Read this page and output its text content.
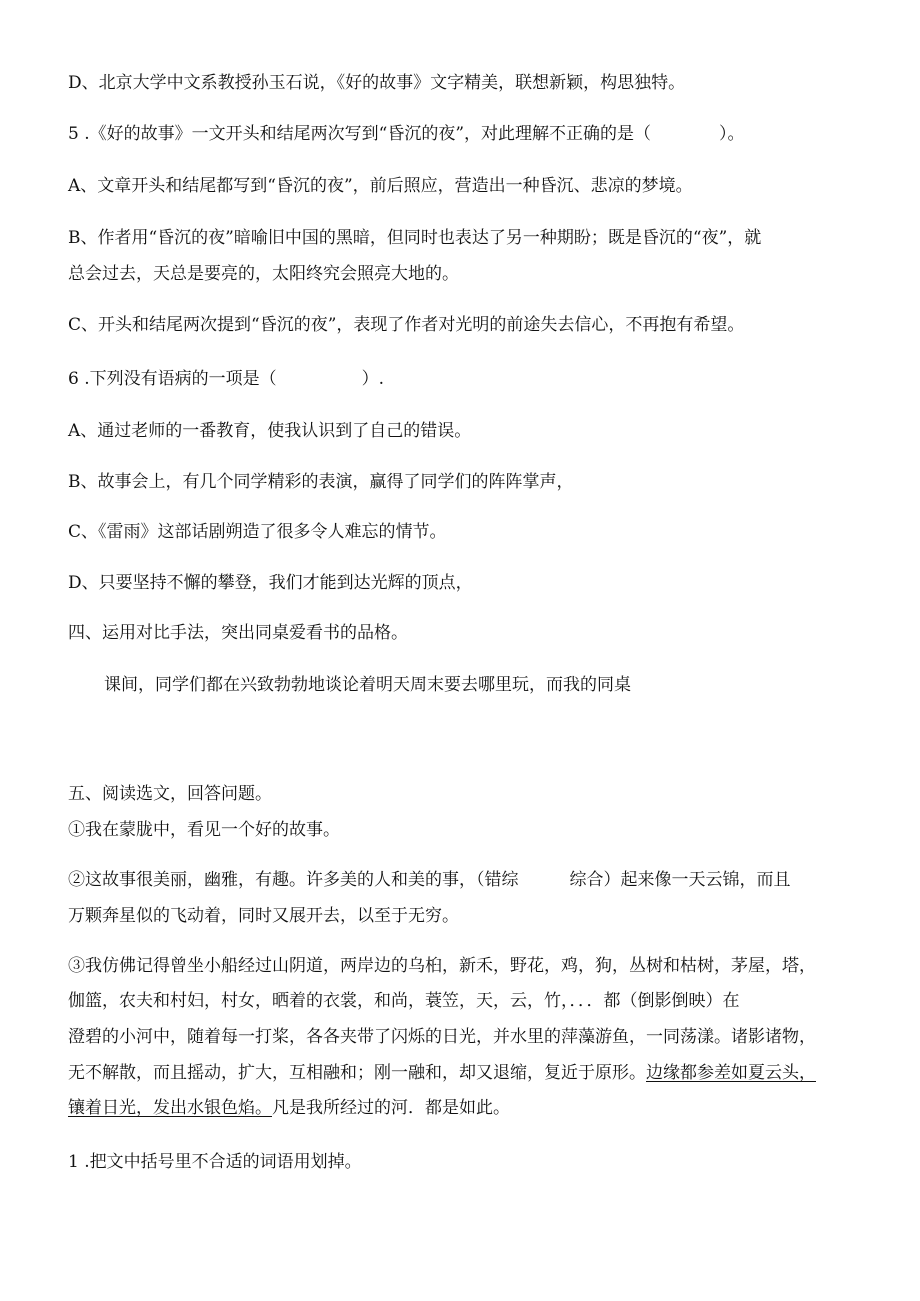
D、北京大学中文系教授孙玉石说，《好的故事》文字精美，联想新颖，构思独特。
5 .《好的故事》一文开头和结尾两次写到“昏沉的夜”，对此理解不正确的是（　　　　）。
A、文章开头和结尾都写到“昏沉的夜”，前后照应，营造出一种昏沉、悲凉的梦境。
B、作者用“昏沉的夜”暗喻旧中国的黑暗，但同时也表达了另一种期盼；既是昏沉的“夜”，就
总会过去，天总是要亮的，太阳终究会照亮大地的。
C、开头和结尾两次提到“昏沉的夜”，表现了作者对光明的前途失去信心，不再抱有希望。
6 .下列没有语病的一项是（　　　　　）.
A、通过老师的一番教育，使我认识到了自己的错误。
B、故事会上，有几个同学精彩的表演，赢得了同学们的阵阵掌声，
C、《雷雨》这部话剧朔造了很多令人难忘的情节。
D、只要坚持不懈的攀登，我们才能到达光辉的顶点，
四、运用对比手法，突出同桌爱看书的品格。
课间，同学们都在兴致勃勃地谈论着明天周末要去哪里玩，而我的同桌
五、阅读选文，回答问题。
①我在蒙胧中，看见一个好的故事。
②这故事很美丽，幽雅，有趣。许多美的人和美的事，（错综　　　综合）起来像一天云锦，而且
万颗奔星似的飞动着，同时又展开去，以至于无穷。
③我仿佛记得曾坐小船经过山阴道，两岸边的乌桕，新禾，野花，鸡，狗，丛树和枯树，茅屋，塔，
伽篮，农夫和村妇，村女，晒着的衣裳，和尚，蓑笠，天，云，竹，．．．都（倒影倒映）在
澄碧的小河中，随着每一打桨，各各夹带了闪烁的日光，并水里的萍藻游鱼，一同荡漾。诸影诸物，
无不解散，而且摇动，扩大，互相融和；刚一融和，却又退缩，复近于原形。边缘都参差如夏云头，
镶着日光，发出水银色焰。凡是我所经过的河．都是如此。
1 .把文中括号里不合适的词语用划掉。
